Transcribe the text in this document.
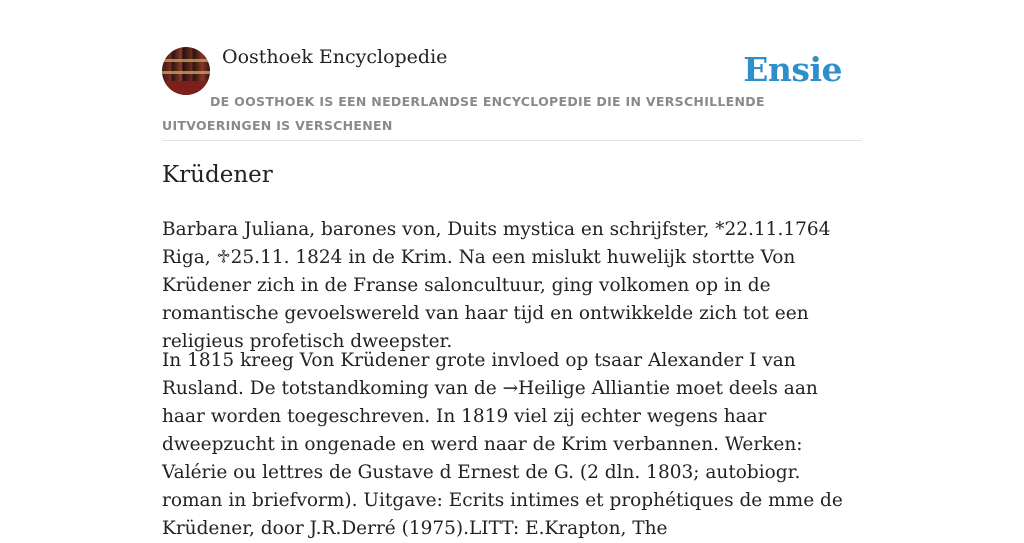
Oosthoek Encyclopedie	Ensie
DE OOSTHOEK IS EEN NEDERLANDSE ENCYCLOPEDIE DIE IN VERSCHILLENDE UITVOERINGEN IS VERSCHENEN
Krüdener

Barbara Juliana, barones von, Duits mystica en schrijfster, *22.11.1764 Riga, ♱25.11. 1824 in de Krim. Na een mislukt huwelijk stortte Von Krüdener zich in de Franse saloncultuur, ging volkomen op in de romantische gevoelswereld van haar tijd en ontwikkelde zich tot een religieus profetisch dweepster.

In 1815 kreeg Von Krüdener grote invloed op tsaar Alexander I van Rusland. De totstandkoming van de →Heilige Alliantie moet deels aan haar worden toegeschreven. In 1819 viel zij echter wegens haar dweepzucht in ongenade en werd naar de Krim verbannen. Werken: Valérie ou lettres de Gustave d Ernest de G. (2 dln. 1803; autobiogr. roman in briefvorm). Uitgave: Ecrits intimes et prophétiques de mme de Krüdener, door J.R.Derré (1975).LITT: E.Krapton, The
